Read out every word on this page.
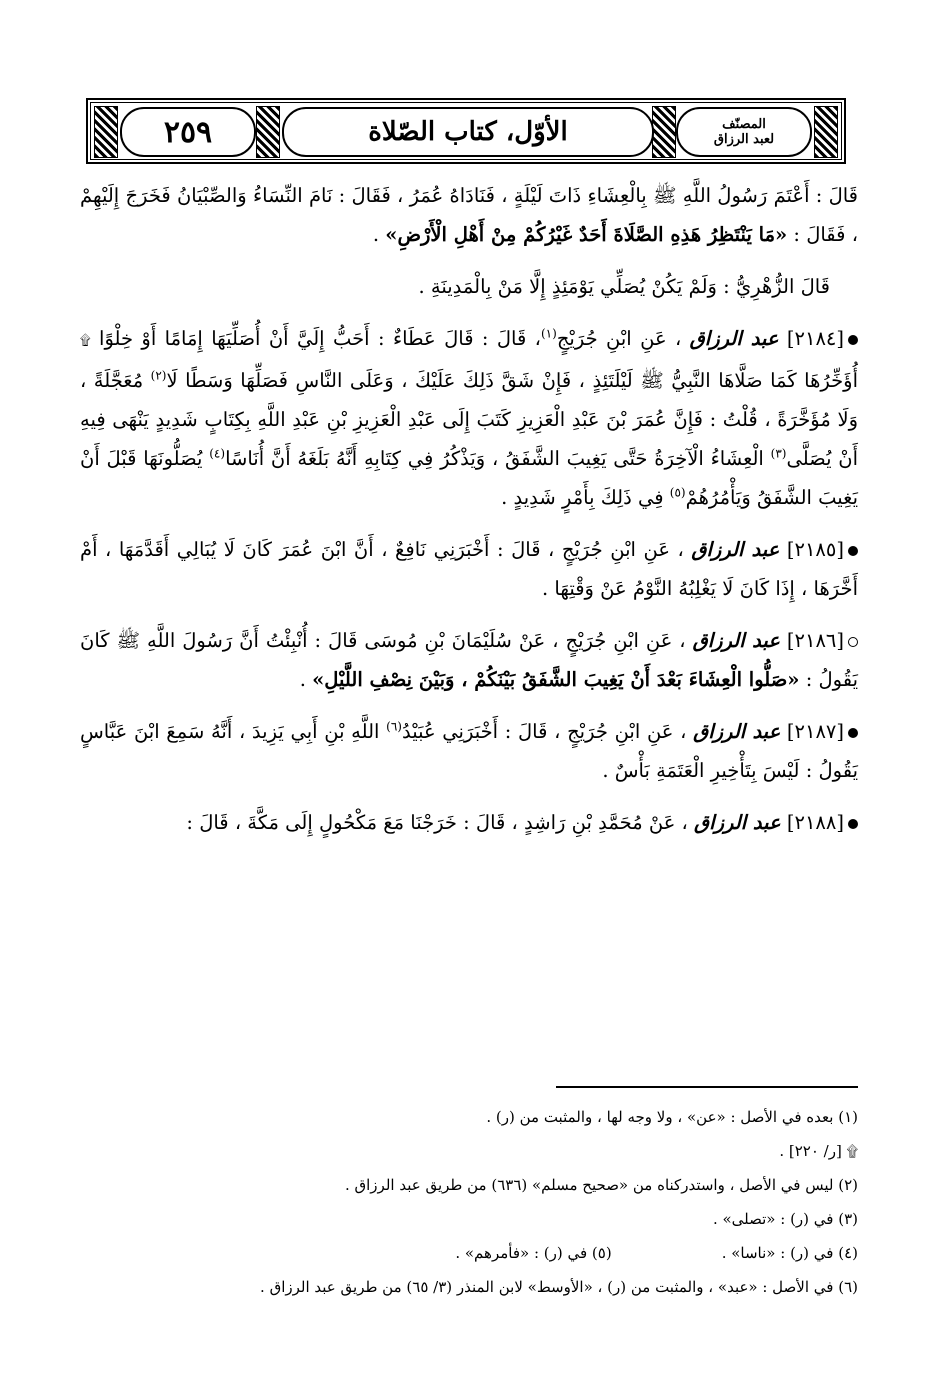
٢٥٩	الأوّل، كتاب الصّلاة	المصنّف
لعبد الرزاق

قَالَ : أَعْتَمَ رَسُولُ اللَّهِ ﷺ بِالْعِشَاءِ ذَاتَ لَيْلَةٍ ، فَنَادَاهُ عُمَرُ ، فَقَالَ : نَامَ النِّسَاءُ وَالصِّبْيَانُ فَخَرَجَ إِلَيْهِمْ ، فَقَالَ : «مَا يَنْتَظِرُ هَذِهِ الصَّلَاةَ أَحَدٌ غَيْرُكُمْ مِنْ أَهْلِ الْأَرْضِ» .

قَالَ الزُّهْرِيُّ : وَلَمْ يَكُنْ يُصَلِّي يَوْمَئِذٍ إِلَّا مَنْ بِالْمَدِينَةِ .

[٢١٨٤] عبد الرزاق ، عَنِ ابْنِ جُرَيْجٍ$^{(١)}$، قَالَ : قَالَ عَطَاءٌ : أَحَبُّ إِلَيَّ أَنْ أُصَلِّيَهَا إِمَامًا أَوْ خِلْوًا ۩ أُؤَخِّرُهَا كَمَا صَلَّاهَا النَّبِيُّ ﷺ لَيْلَتَئِذٍ ، فَإِنْ شَقَّ ذَلِكَ عَلَيْكَ ، وَعَلَى النَّاسِ فَصَلِّهَا وَسَطًا لَا$^{(٢)}$ مُعَجَّلَةً ، وَلَا مُؤَخَّرَةً ، قُلْتُ : فَإِنَّ عُمَرَ بْنَ عَبْدِ الْعَزِيزِ كَتَبَ إِلَى عَبْدِ الْعَزِيزِ بْنِ عَبْدِ اللَّهِ بِكِتَابٍ شَدِيدٍ يَنْهَى فِيهِ أَنْ يُصَلَّى$^{(٣)}$ الْعِشَاءُ الْآخِرَةُ حَتَّى يَغِيبَ الشَّفَقُ ، وَيَذْكُرُ فِي كِتَابِهِ أَنَّهُ بَلَغَهُ أَنَّ أُنَاسًا$^{(٤)}$ يُصَلُّونَهَا قَبْلَ أَنْ يَغِيبَ الشَّفَقُ وَيَأْمُرُهُمْ$^{(٥)}$ فِي ذَلِكَ بِأَمْرٍ شَدِيدٍ .

[٢١٨٥] عبد الرزاق ، عَنِ ابْنِ جُرَيْجٍ ، قَالَ : أَخْبَرَنِي نَافِعٌ ، أَنَّ ابْنَ عُمَرَ كَانَ لَا يُبَالِي أَقَدَّمَهَا ، أَمْ أَخَّرَهَا ، إِذَا كَانَ لَا يَغْلِبُهُ النَّوْمُ عَنْ وَقْتِهَا .

[٢١٨٦] عبد الرزاق ، عَنِ ابْنِ جُرَيْجٍ ، عَنْ سُلَيْمَانَ بْنِ مُوسَى قَالَ : أُنْبِئْتُ أَنَّ رَسُولَ اللَّهِ ﷺ كَانَ يَقُولُ : «صَلُّوا الْعِشَاءَ بَعْدَ أَنْ يَغِيبَ الشَّفَقُ بَيْنَكُمْ ، وَبَيْنَ نِصْفِ اللَّيْلِ» .

[٢١٨٧] عبد الرزاق ، عَنِ ابْنِ جُرَيْجٍ ، قَالَ : أَخْبَرَنِي عُبَيْدُ$^{(٦)}$ اللَّهِ بْنِ أَبِي يَزِيدَ ، أَنَّهُ سَمِعَ ابْنَ عَبَّاسٍ يَقُولُ : لَيْسَ بِتَأْخِيرِ الْعَتَمَةِ بَأْسٌ .

[٢١٨٨] عبد الرزاق ، عَنْ مُحَمَّدِ بْنِ رَاشِدٍ ، قَالَ : خَرَجْنَا مَعَ مَكْحُولٍ إِلَى مَكَّةَ ، قَالَ :

(١) بعده في الأصل : «عن» ، ولا وجه لها ، والمثبت من (ر) .

۩ [ر/ ٢٢٠] .

(٢) ليس في الأصل ، واستدركناه من «صحيح مسلم» (٦٣٦) من طريق عبد الرزاق .

(٣) في (ر) : «تصلى» .

(٤) في (ر) : «ناسا» .
(٥) في (ر) : «فأمرهم» .

(٦) في الأصل : «عبد» ، والمثبت من (ر) ، «الأوسط» لابن المنذر (٣/ ٦٥) من طريق عبد الرزاق .
